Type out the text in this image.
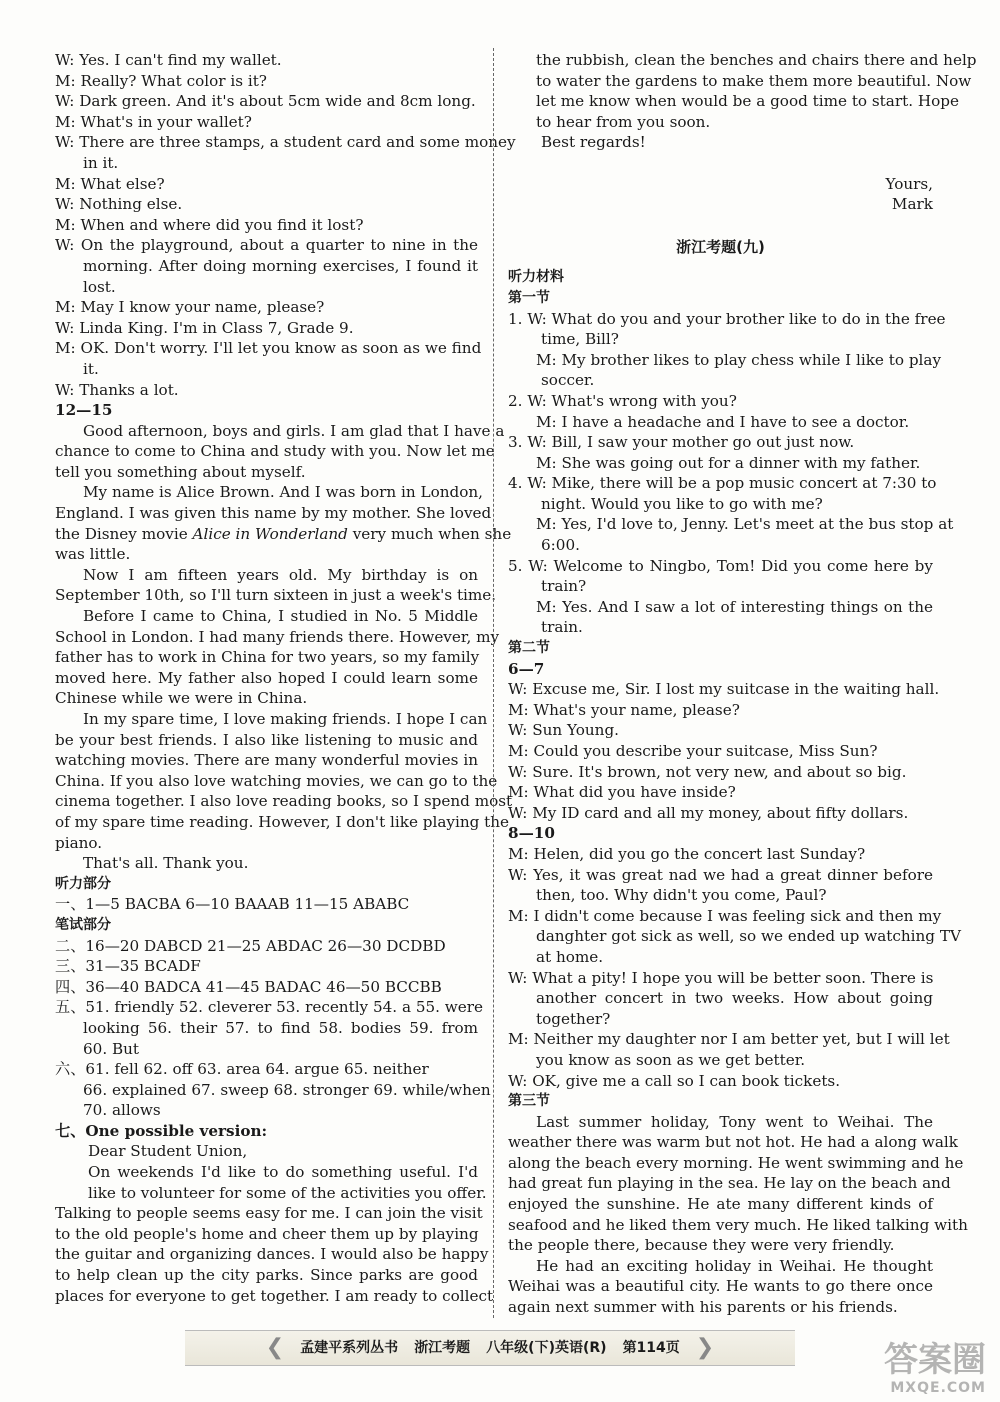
W: Yes. I can't find my wallet.
M: Really? What color is it?
W: Dark green. And it's about 5cm wide and 8cm long.
M: What's in your wallet?
W: There are three stamps, a student card and some money
in it.
M: What else?
W: Nothing else.
M: When and where did you find it lost?
W: On the playground, about a quarter to nine in the
morning. After doing morning exercises, I found it
lost.
M: May I know your name, please?
W: Linda King. I'm in Class 7, Grade 9.
M: OK. Don't worry. I'll let you know as soon as we find
it.
W: Thanks a lot.
12—15
Good afternoon, boys and girls. I am glad that I have a
chance to come to China and study with you. Now let me
tell you something about myself.
My name is Alice Brown. And I was born in London,
England. I was given this name by my mother. She loved
the Disney movie Alice in Wonderland very much when she
was little.
Now I am fifteen years old. My birthday is on
September 10th, so I'll turn sixteen in just a week's time.
Before I came to China, I studied in No. 5 Middle
School in London. I had many friends there. However, my
father has to work in China for two years, so my family
moved here. My father also hoped I could learn some
Chinese while we were in China.
In my spare time, I love making friends. I hope I can
be your best friends. I also like listening to music and
watching movies. There are many wonderful movies in
China. If you also love watching movies, we can go to the
cinema together. I also love reading books, so I spend most
of my spare time reading. However, I don't like playing the
piano.
That's all. Thank you.
听力部分
一、1—5 BACBA 6—10 BAAAB 11—15 ABABC
笔试部分
二、16—20 DABCD 21—25 ABDAC 26—30 DCDBD
三、31—35 BCADF
四、36—40 BADCA 41—45 BADAC 46—50 BCCBB
五、51. friendly 52. cleverer 53. recently 54. a 55. were
looking 56. their 57. to find 58. bodies 59. from
60. But
六、61. fell 62. off 63. area 64. argue 65. neither
66. explained 67. sweep 68. stronger 69. while/when
70. allows
七、One possible version:
Dear Student Union,
On weekends I'd like to do something useful. I'd
like to volunteer for some of the activities you offer.
Talking to people seems easy for me. I can join the visit
to the old people's home and cheer them up by playing
the guitar and organizing dances. I would also be happy
to help clean up the city parks. Since parks are good
places for everyone to get together. I am ready to collect
the rubbish, clean the benches and chairs there and help
to water the gardens to make them more beautiful. Now
let me know when would be a good time to start. Hope
to hear from you soon.
Best regards!
Yours,
Mark
浙江考题(九)
听力材料
第一节
1. W: What do you and your brother like to do in the free
time, Bill?
M: My brother likes to play chess while I like to play
soccer.
2. W: What's wrong with you?
M: I have a headache and I have to see a doctor.
3. W: Bill, I saw your mother go out just now.
M: She was going out for a dinner with my father.
4. W: Mike, there will be a pop music concert at 7:30 to
night. Would you like to go with me?
M: Yes, I'd love to, Jenny. Let's meet at the bus stop at
6:00.
5. W: Welcome to Ningbo, Tom! Did you come here by
train?
M: Yes. And I saw a lot of interesting things on the
train.
第二节
6—7
W: Excuse me, Sir. I lost my suitcase in the waiting hall.
M: What's your name, please?
W: Sun Young.
M: Could you describe your suitcase, Miss Sun?
W: Sure. It's brown, not very new, and about so big.
M: What did you have inside?
W: My ID card and all my money, about fifty dollars.
8—10
M: Helen, did you go the concert last Sunday?
W: Yes, it was great nad we had a great dinner before
then, too. Why didn't you come, Paul?
M: I didn't come because I was feeling sick and then my
danghter got sick as well, so we ended up watching TV
at home.
W: What a pity! I hope you will be better soon. There is
another concert in two weeks. How about going
together?
M: Neither my daughter nor I am better yet, but I will let
you know as soon as we get better.
W: OK, give me a call so I can book tickets.
第三节
Last summer holiday, Tony went to Weihai. The
weather there was warm but not hot. He had a along walk
along the beach every morning. He went swimming and he
had great fun playing in the sea. He lay on the beach and
enjoyed the sunshine. He ate many different kinds of
seafood and he liked them very much. He liked talking with
the people there, because they were very friendly.
He had an exciting holiday in Weihai. He thought
Weihai was a beautiful city. He wants to go there once
again next summer with his parents or his friends.
❮ 孟建平系列丛书 浙江考题 八年级(下)英语(R) 第114页 ❯	答案圈
MXQE.COM
